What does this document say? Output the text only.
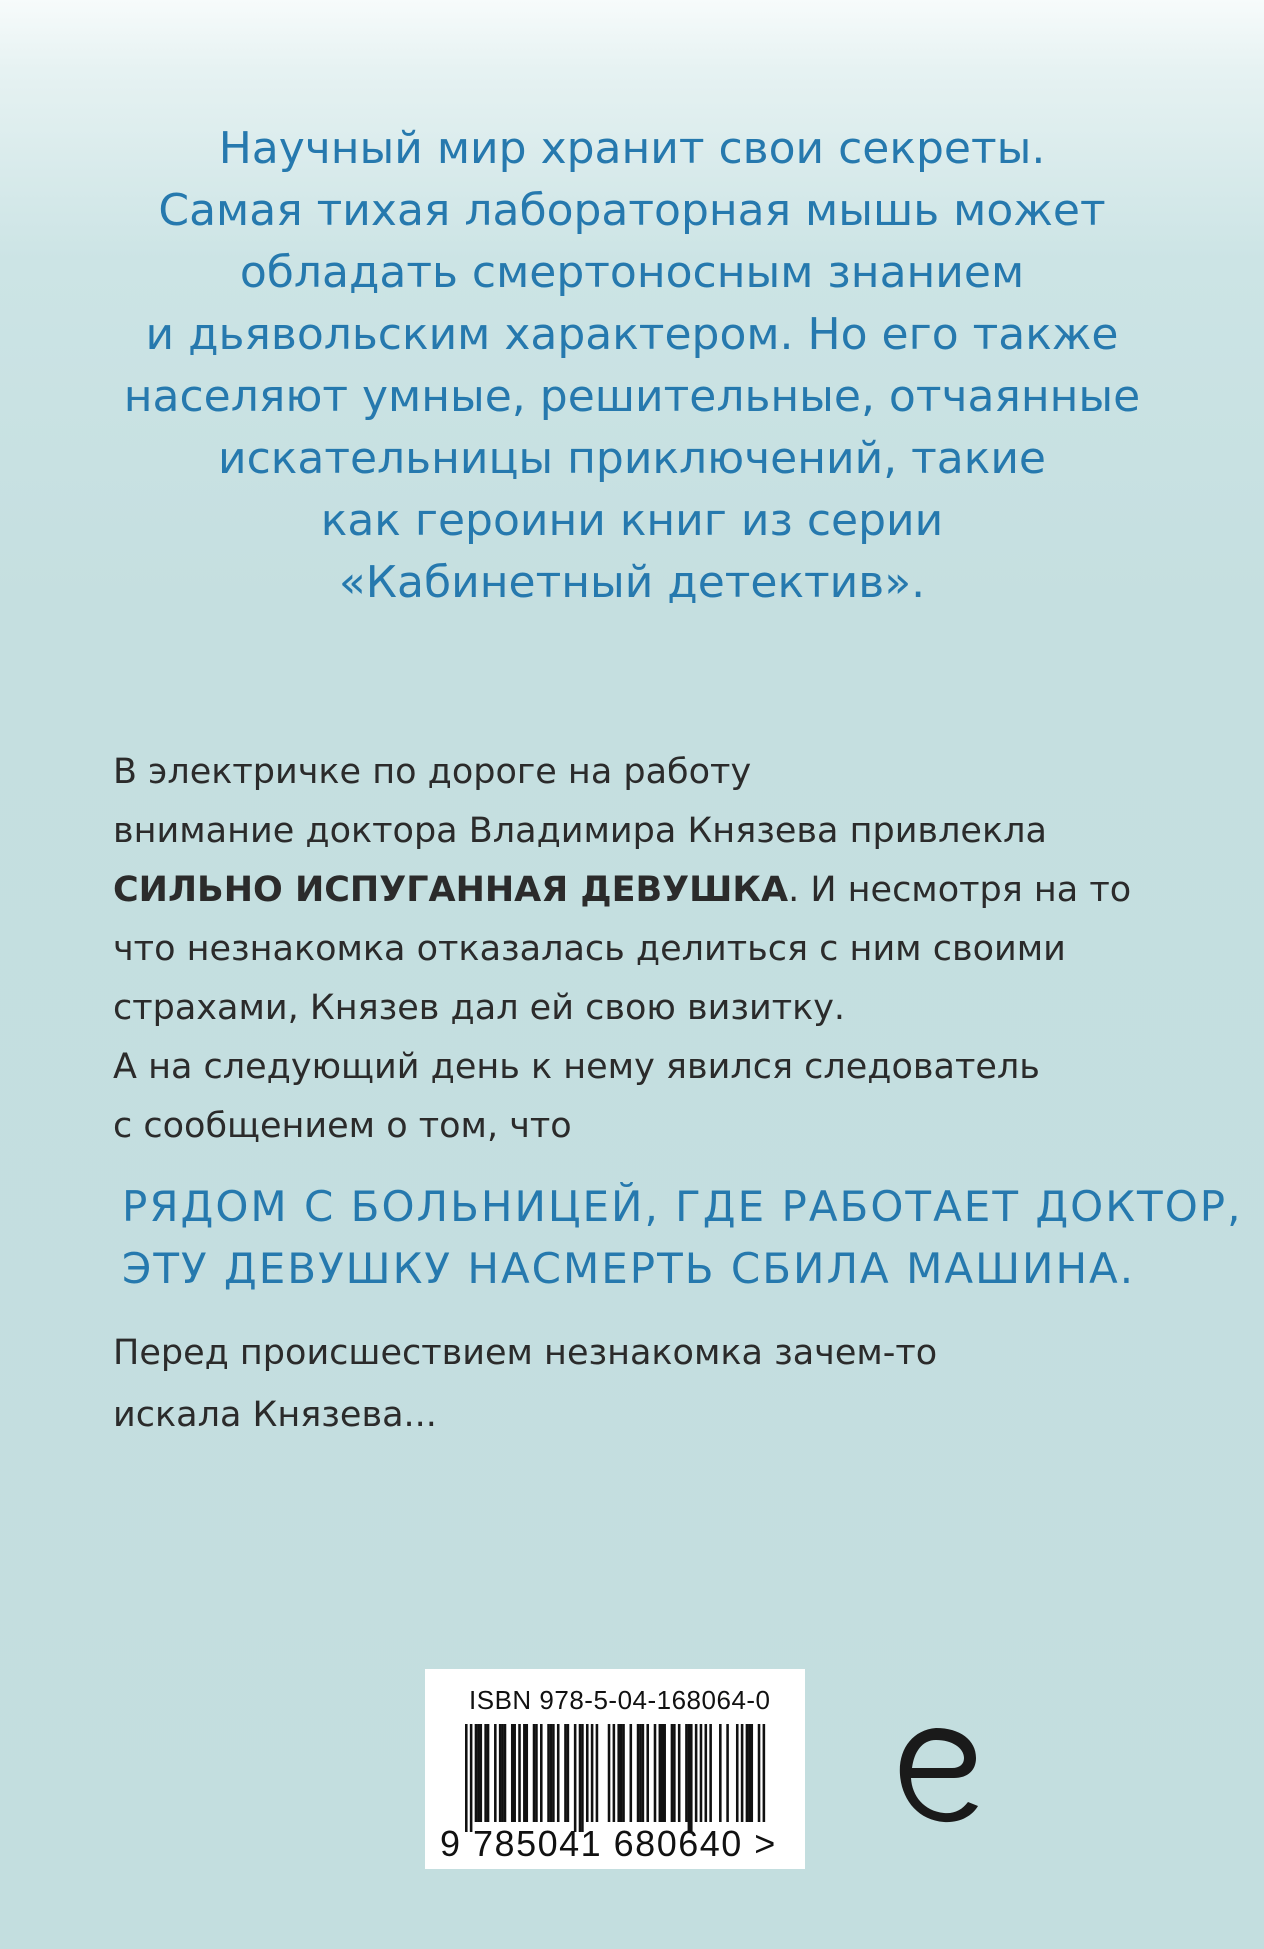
Научный мир хранит свои секреты.
Самая тихая лабораторная мышь может
обладать смертоносным знанием
и дьявольским характером. Но его также
населяют умные, решительные, отчаянные
искательницы приключений, такие
как героини книг из серии
«Кабинетный детектив».
В электричке по дороге на работу
внимание доктора Владимира Князева привлекла
СИЛЬНО ИСПУГАННАЯ ДЕВУШКА. И несмотря на то
что незнакомка отказалась делиться с ним своими
страхами, Князев дал ей свою визитку.
А на следующий день к нему явился следователь
с сообщением о том, что
РЯДОМ С БОЛЬНИЦЕЙ, ГДЕ РАБОТАЕТ ДОКТОР,
ЭТУ ДЕВУШКУ НАСМЕРТЬ СБИЛА МАШИНА.
Перед происшествием незнакомка зачем-то
искала Князева...
ISBN 978-5-04-168064-0
9 785041 680640 >
